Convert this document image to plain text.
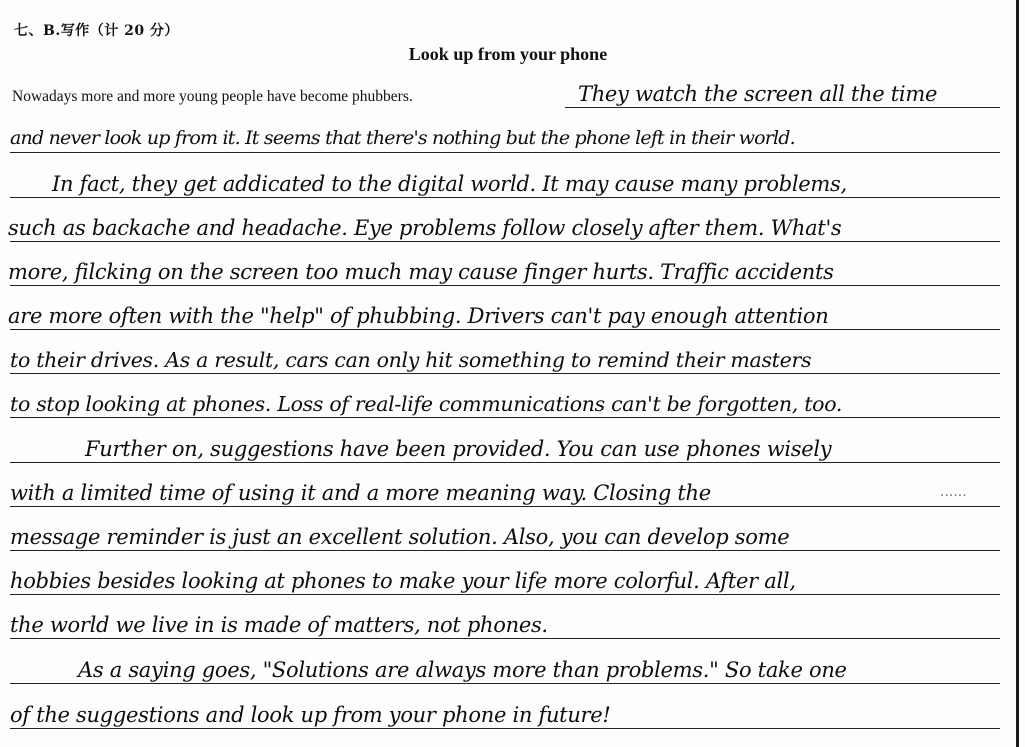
七、B.写作（计 20 分）
Look up from your phone
Nowadays more and more young people have become phubbers.	They watch the screen all the time
and never look up from it. It seems that there's nothing but the phone left in their world.
In fact, they get addicated to the digital world. It may cause many problems,
such as backache and headache. Eye problems follow closely after them. What's
more, filcking on the screen too much may cause finger hurts. Traffic accidents
are more often with the "help" of phubbing. Drivers can't pay enough attention
to their drives. As a result, cars can only hit something to remind their masters
to stop looking at phones. Loss of real-life communications can't be forgotten, too.
Further on, suggestions have been provided. You can use phones wisely
with a limited time of using it and a more meaning way. Closing the	......
message reminder is just an excellent solution. Also, you can develop some
hobbies besides looking at phones to make your life more colorful. After all,
the world we live in is made of matters, not phones.
As a saying goes, "Solutions are always more than problems." So take one
of the suggestions and look up from your phone in future!
